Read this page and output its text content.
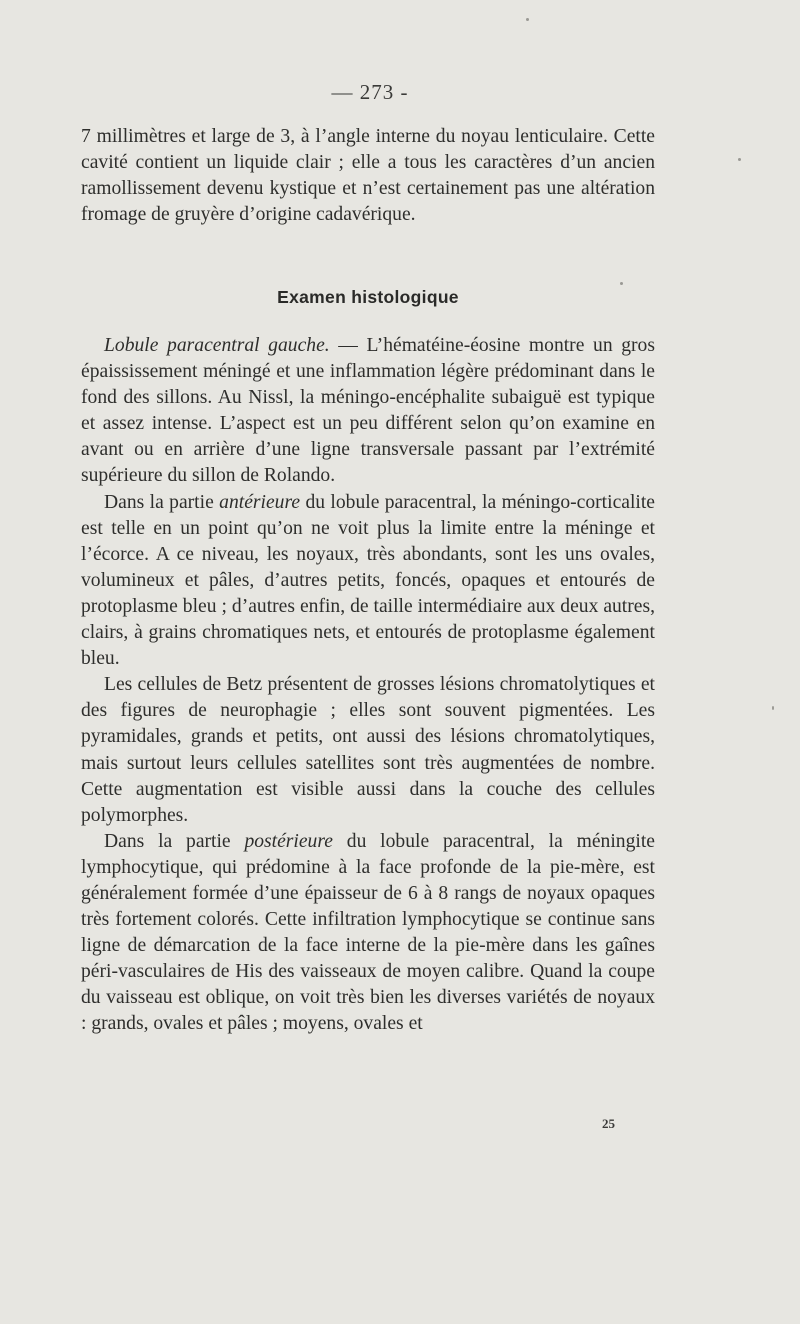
— 273 -

7 millimètres et large de 3, à l’angle interne du noyau lenticulaire. Cette cavité contient un liquide clair ; elle a tous les caractères d’un ancien ramollissement devenu kystique et n’est certainement pas une altération fromage de gruyère d’origine cadavérique.

Examen histologique

Lobule paracentral gauche. — L’hématéine-éosine montre un gros épaississement méningé et une inflammation légère prédominant dans le fond des sillons. Au Nissl, la méningo-encéphalite subaiguë est typique et assez intense. L’aspect est un peu différent selon qu’on examine en avant ou en arrière d’une ligne transversale passant par l’extrémité supérieure du sillon de Rolando.

Dans la partie antérieure du lobule paracentral, la méningo-corticalite est telle en un point qu’on ne voit plus la limite entre la méninge et l’écorce. A ce niveau, les noyaux, très abondants, sont les uns ovales, volumineux et pâles, d’autres petits, foncés, opaques et entourés de protoplasme bleu ; d’autres enfin, de taille intermédiaire aux deux autres, clairs, à grains chromatiques nets, et entourés de protoplasme également bleu.

Les cellules de Betz présentent de grosses lésions chromatolytiques et des figures de neurophagie ; elles sont souvent pigmentées. Les pyramidales, grands et petits, ont aussi des lésions chromatolytiques, mais surtout leurs cellules satellites sont très augmentées de nombre. Cette augmentation est visible aussi dans la couche des cellules polymorphes.

Dans la partie postérieure du lobule paracentral, la méningite lymphocytique, qui prédomine à la face profonde de la pie-mère, est généralement formée d’une épaisseur de 6 à 8 rangs de noyaux opaques très fortement colorés. Cette infiltration lymphocytique se continue sans ligne de démarcation de la face interne de la pie-mère dans les gaînes péri-vasculaires de His des vaisseaux de moyen calibre. Quand la coupe du vaisseau est oblique, on voit très bien les diverses variétés de noyaux : grands, ovales et pâles ; moyens, ovales et

25
